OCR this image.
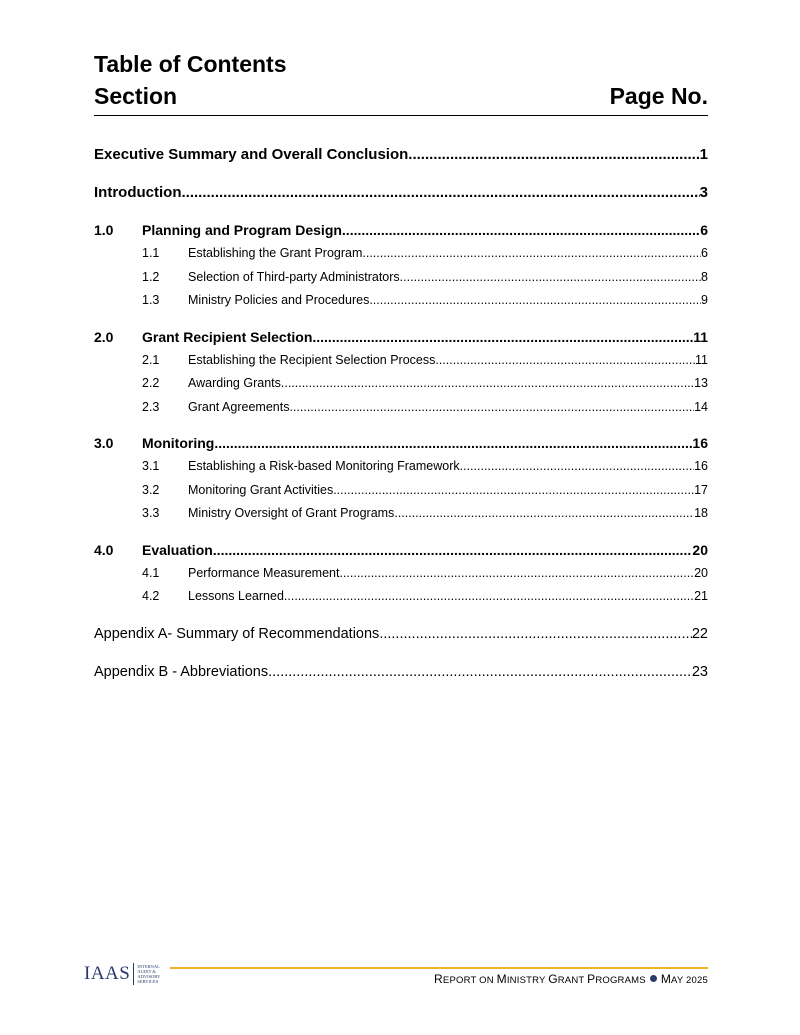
Table of Contents
Section	Page No.
Executive Summary and Overall Conclusion .....	1
Introduction .....	3
1.0	Planning and Program Design .....	6
1.1	Establishing the Grant Program .....	6
1.2	Selection of Third-party Administrators .....	8
1.3	Ministry Policies and Procedures .....	9
2.0	Grant Recipient Selection .....	11
2.1	Establishing the Recipient Selection Process .....	11
2.2	Awarding Grants .....	13
2.3	Grant Agreements .....	14
3.0	Monitoring .....	16
3.1	Establishing a Risk-based Monitoring Framework .....	16
3.2	Monitoring Grant Activities .....	17
3.3	Ministry Oversight of Grant Programs .....	18
4.0	Evaluation .....	20
4.1	Performance Measurement .....	20
4.2	Lessons Learned .....	21
Appendix A- Summary of Recommendations .....	22
Appendix B - Abbreviations .....	23
IAAS INTERNAL
AUDIT &
ADVISORY
SERVICES	REPORT ON MINISTRY GRANT PROGRAMS MAY 2025
